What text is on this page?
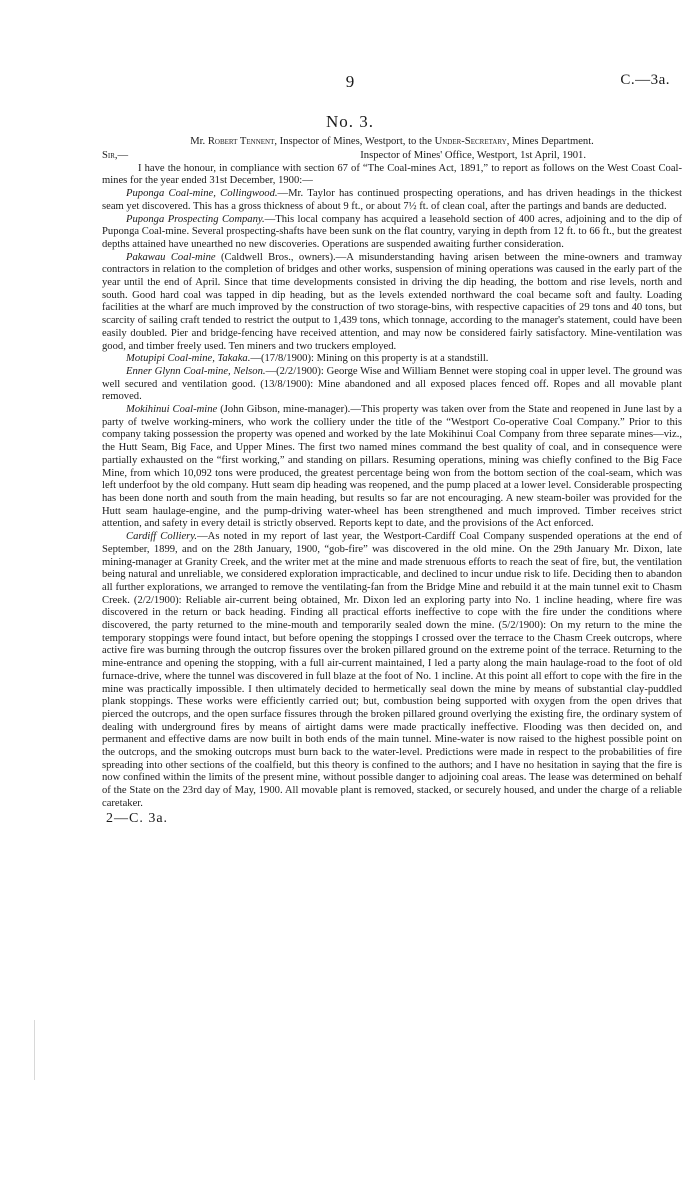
9	C.—3a.
No. 3.
Mr. Robert Tennent, Inspector of Mines, Westport, to the Under-Secretary, Mines Department.
Sir,—	Inspector of Mines' Office, Westport, 1st April, 1901.

I have the honour, in compliance with section 67 of “The Coal-mines Act, 1891,” to report as follows on the West Coast Coal-mines for the year ended 31st December, 1900:—

Puponga Coal-mine, Collingwood.—Mr. Taylor has continued prospecting operations, and has driven headings in the thickest seam yet discovered. This has a gross thickness of about 9 ft., or about 7½ ft. of clean coal, after the partings and bands are deducted.

Puponga Prospecting Company.—This local company has acquired a leasehold section of 400 acres, adjoining and to the dip of Puponga Coal-mine. Several prospecting-shafts have been sunk on the flat country, varying in depth from 12 ft. to 66 ft., but the greatest depths attained have unearthed no new discoveries. Operations are suspended awaiting further consideration.

Pakawau Coal-mine (Caldwell Bros., owners).—A misunderstanding having arisen between the mine-owners and tramway contractors in relation to the completion of bridges and other works, suspension of mining operations was caused in the early part of the year until the end of April. Since that time developments consisted in driving the dip heading, the bottom and rise levels, north and south. Good hard coal was tapped in dip heading, but as the levels extended northward the coal became soft and faulty. Loading facilities at the wharf are much improved by the construction of two storage-bins, with respective capacities of 29 tons and 40 tons, but scarcity of sailing craft tended to restrict the output to 1,439 tons, which tonnage, according to the manager's statement, could have been easily doubled. Pier and bridge-fencing have received attention, and may now be considered fairly satisfactory. Mine-ventilation was good, and timber freely used. Ten miners and two truckers employed.

Motupipi Coal-mine, Takaka.—(17/8/1900): Mining on this property is at a standstill.

Enner Glynn Coal-mine, Nelson.—(2/2/1900): George Wise and William Bennet were stoping coal in upper level. The ground was well secured and ventilation good. (13/8/1900): Mine abandoned and all exposed places fenced off. Ropes and all movable plant removed.

Mokihinui Coal-mine (John Gibson, mine-manager).—This property was taken over from the State and reopened in June last by a party of twelve working-miners, who work the colliery under the title of the “Westport Co-operative Coal Company.” Prior to this company taking possession the property was opened and worked by the late Mokihinui Coal Company from three separate mines—viz., the Hutt Seam, Big Face, and Upper Mines. The first two named mines command the best quality of coal, and in consequence were partially exhausted on the “first working,” and standing on pillars. Resuming operations, mining was chiefly confined to the Big Face Mine, from which 10,092 tons were produced, the greatest percentage being won from the bottom section of the coal-seam, which was left underfoot by the old company. Hutt seam dip heading was reopened, and the pump placed at a lower level. Considerable prospecting has been done north and south from the main heading, but results so far are not encouraging. A new steam-boiler was provided for the Hutt seam haulage-engine, and the pump-driving water-wheel has been strengthened and much improved. Timber receives strict attention, and safety in every detail is strictly observed. Reports kept to date, and the provisions of the Act enforced.

Cardiff Colliery.—As noted in my report of last year, the Westport-Cardiff Coal Company suspended operations at the end of September, 1899, and on the 28th January, 1900, “gob-fire” was discovered in the old mine. On the 29th January Mr. Dixon, late mining-manager at Granity Creek, and the writer met at the mine and made strenuous efforts to reach the seat of fire, but, the ventilation being natural and unreliable, we considered exploration impracticable, and declined to incur undue risk to life. Deciding then to abandon all further explorations, we arranged to remove the ventilating-fan from the Bridge Mine and rebuild it at the main tunnel exit to Chasm Creek. (2/2/1900): Reliable air-current being obtained, Mr. Dixon led an exploring party into No. 1 incline heading, where fire was discovered in the return or back heading. Finding all practical efforts ineffective to cope with the fire under the conditions where discovered, the party returned to the mine-mouth and temporarily sealed down the mine. (5/2/1900): On my return to the mine the temporary stoppings were found intact, but before opening the stoppings I crossed over the terrace to the Chasm Creek outcrops, where active fire was burning through the outcrop fissures over the broken pillared ground on the extreme point of the terrace. Returning to the mine-entrance and opening the stopping, with a full air-current maintained, I led a party along the main haulage-road to the foot of old furnace-drive, where the tunnel was discovered in full blaze at the foot of No. 1 incline. At this point all effort to cope with the fire in the mine was practically impossible. I then ultimately decided to hermetically seal down the mine by means of substantial clay-puddled plank stoppings. These works were efficiently carried out; but, combustion being supported with oxygen from the open drives that pierced the outcrops, and the open surface fissures through the broken pillared ground overlying the existing fire, the ordinary system of dealing with underground fires by means of airtight dams were made practically ineffective. Flooding was then decided on, and permanent and effective dams are now built in both ends of the main tunnel. Mine-water is now raised to the highest possible point on the outcrops, and the smoking outcrops must burn back to the water-level. Predictions were made in respect to the probabilities of fire spreading into other sections of the coalfield, but this theory is confined to the authors; and I have no hesitation in saying that the fire is now confined within the limits of the present mine, without possible danger to adjoining coal areas. The lease was determined on behalf of the State on the 23rd day of May, 1900. All movable plant is removed, stacked, or securely housed, and under the charge of a reliable caretaker.

2—C. 3a.
